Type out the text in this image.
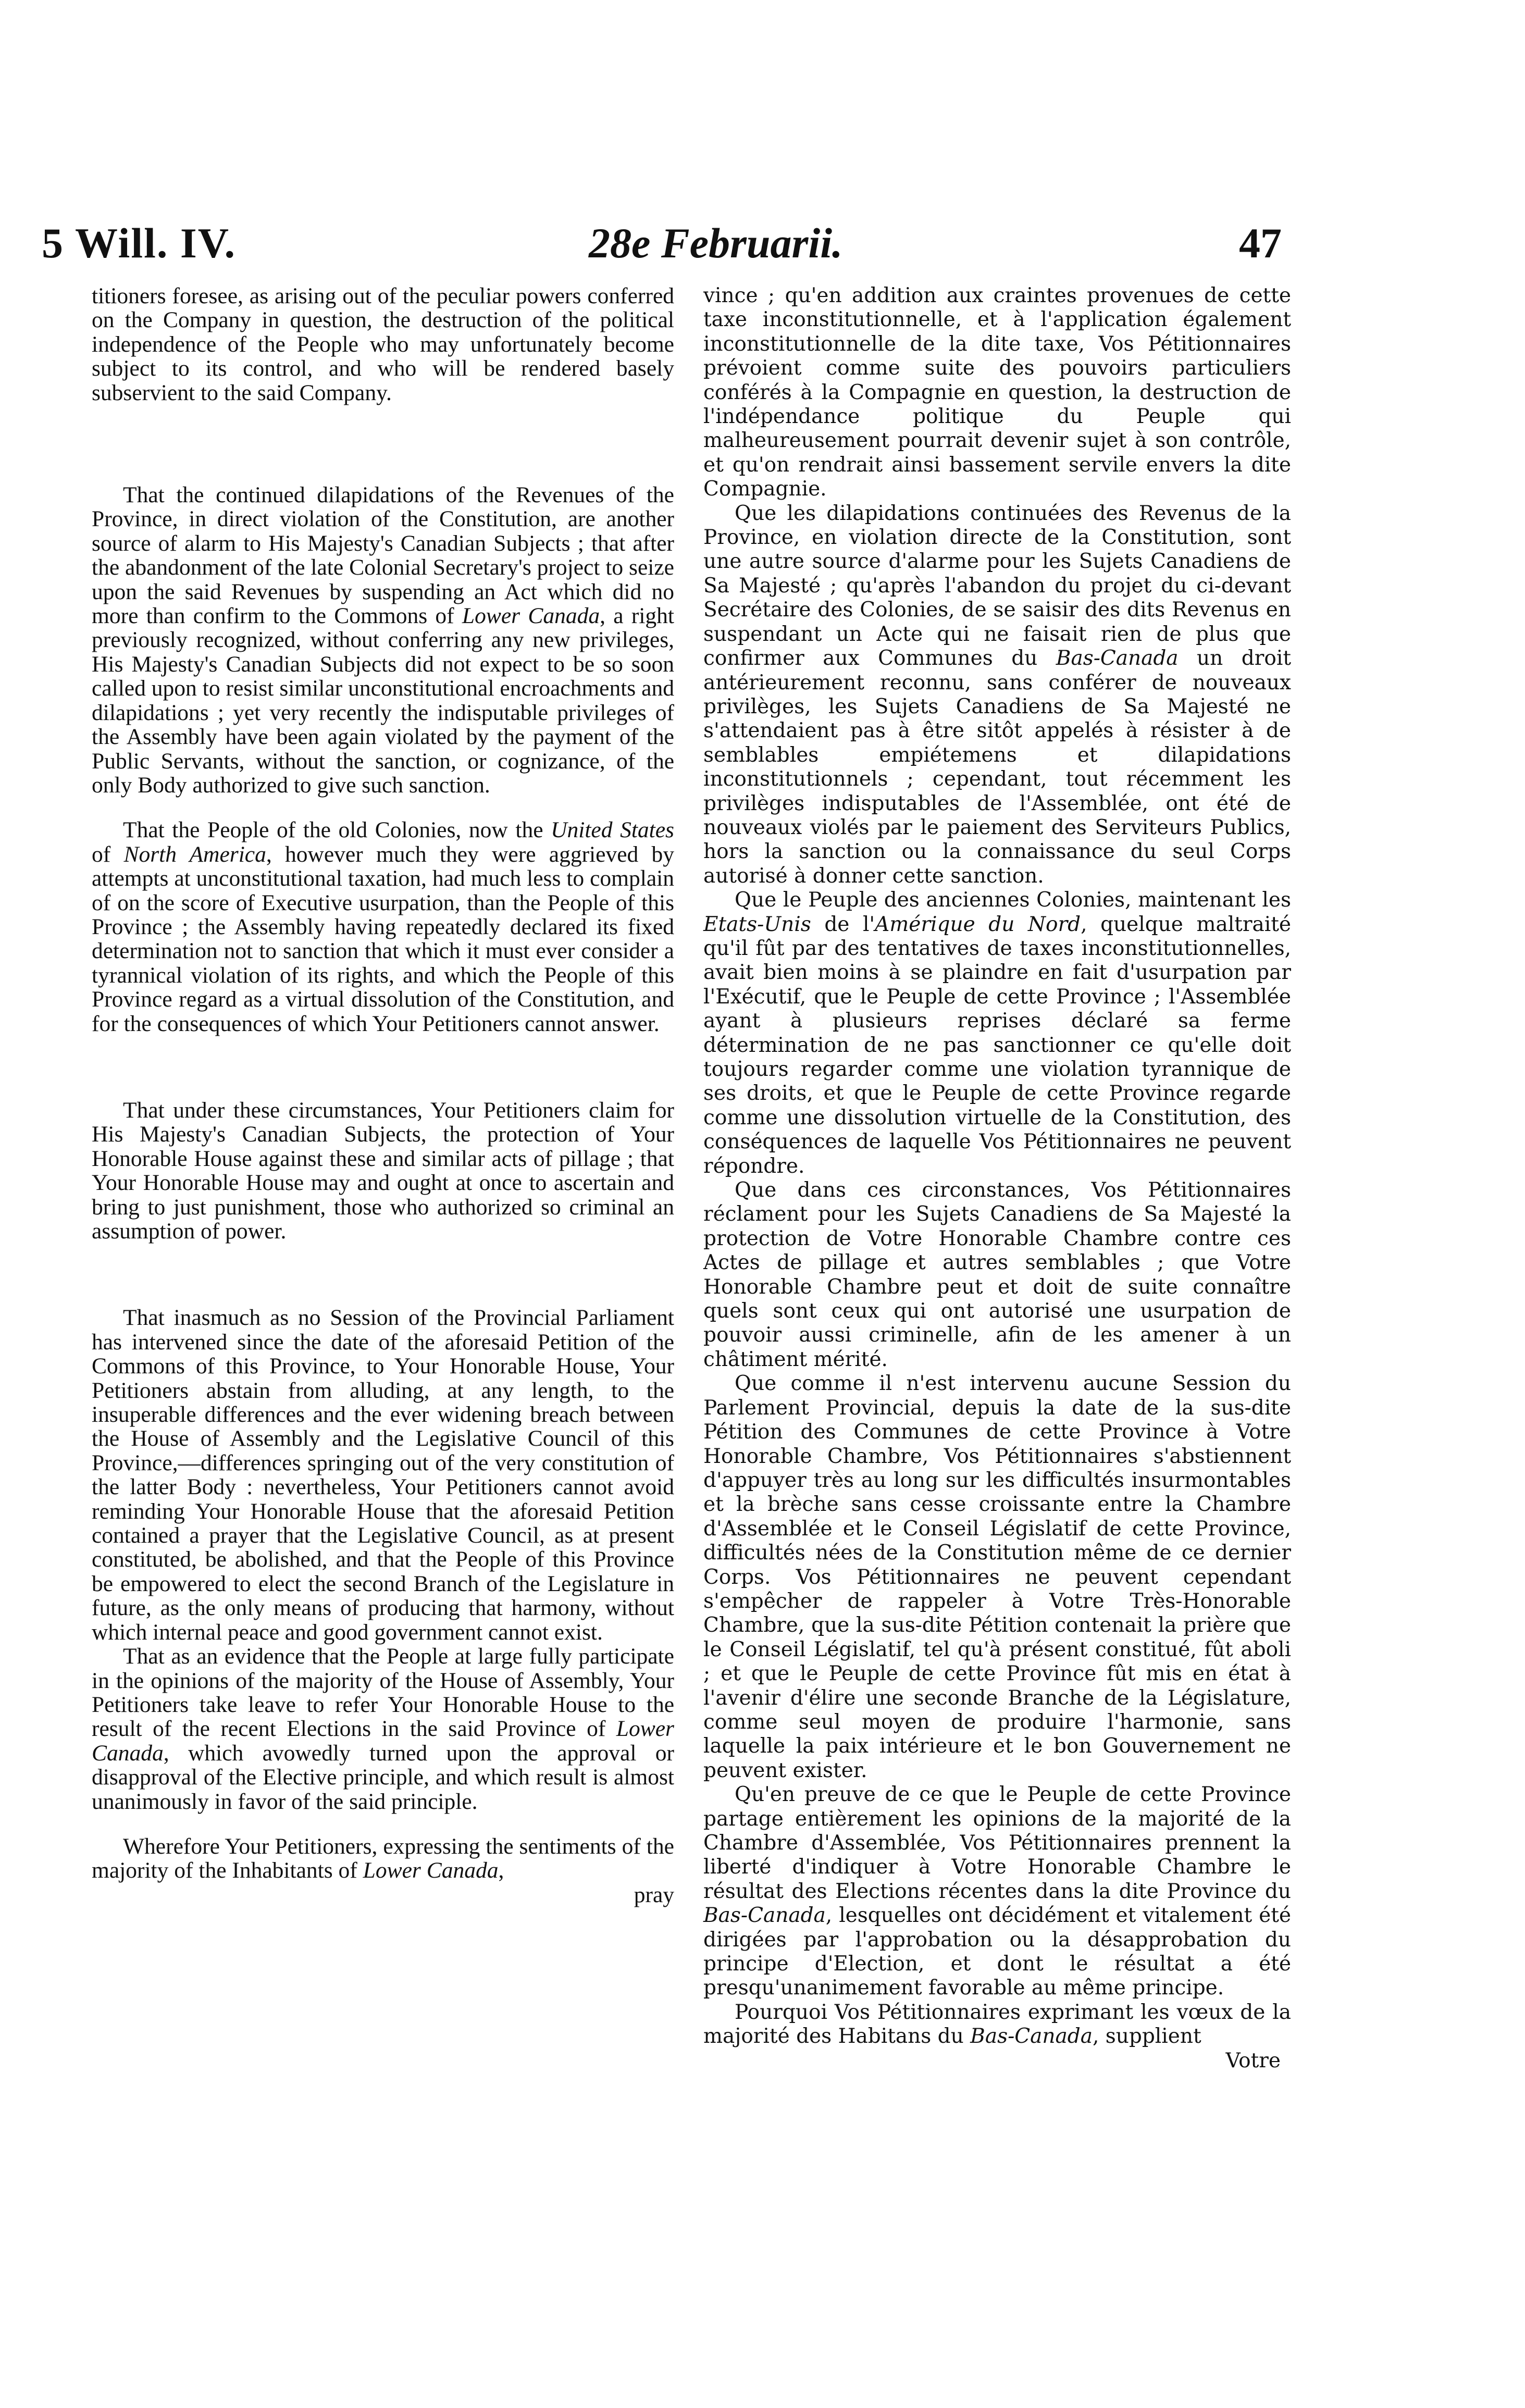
5 Will. IV.	28e Februarii.	47

titioners foresee, as arising out of the peculiar powers conferred on the Company in question, the destruction of the political independence of the People who may unfortunately become subject to its control, and who will be rendered basely subservient to the said Company.

That the continued dilapidations of the Revenues of the Province, in direct violation of the Constitution, are another source of alarm to His Majesty's Canadian Subjects ; that after the abandonment of the late Colonial Secretary's project to seize upon the said Revenues by suspending an Act which did no more than confirm to the Commons of Lower Canada, a right previously recognized, without conferring any new privileges, His Majesty's Canadian Subjects did not expect to be so soon called upon to resist similar unconstitutional encroachments and dilapidations ; yet very recently the indisputable privileges of the Assembly have been again violated by the payment of the Public Servants, without the sanction, or cognizance, of the only Body authorized to give such sanction.

That the People of the old Colonies, now the United States of North America, however much they were aggrieved by attempts at unconstitutional taxation, had much less to complain of on the score of Executive usurpation, than the People of this Province ; the Assembly having repeatedly declared its fixed determination not to sanction that which it must ever consider a tyrannical violation of its rights, and which the People of this Province regard as a virtual dissolution of the Constitution, and for the consequences of which Your Petitioners cannot answer.

That under these circumstances, Your Petitioners claim for His Majesty's Canadian Subjects, the protection of Your Honorable House against these and similar acts of pillage ; that Your Honorable House may and ought at once to ascertain and bring to just punishment, those who authorized so criminal an assumption of power.

That inasmuch as no Session of the Provincial Parliament has intervened since the date of the aforesaid Petition of the Commons of this Province, to Your Honorable House, Your Petitioners abstain from alluding, at any length, to the insuperable differences and the ever widening breach between the House of Assembly and the Legislative Council of this Province,—differences springing out of the very constitution of the latter Body : nevertheless, Your Petitioners cannot avoid reminding Your Honorable House that the aforesaid Petition contained a prayer that the Legislative Council, as at present constituted, be abolished, and that the People of this Province be empowered to elect the second Branch of the Legislature in future, as the only means of producing that harmony, without which internal peace and good government cannot exist.

That as an evidence that the People at large fully participate in the opinions of the majority of the House of Assembly, Your Petitioners take leave to refer Your Honorable House to the result of the recent Elections in the said Province of Lower Canada, which avowedly turned upon the approval or disapproval of the Elective principle, and which result is almost unanimously in favor of the said principle.

Wherefore Your Petitioners, expressing the sentiments of the majority of the Inhabitants of Lower Canada,

pray

vince ; qu'en addition aux craintes provenues de cette taxe inconstitutionnelle, et à l'application également inconstitutionnelle de la dite taxe, Vos Pétitionnaires prévoient comme suite des pouvoirs particuliers conférés à la Compagnie en question, la destruction de l'indépendance politique du Peuple qui malheureusement pourrait devenir sujet à son contrôle, et qu'on rendrait ainsi bassement servile envers la dite Compagnie.

Que les dilapidations continuées des Revenus de la Province, en violation directe de la Constitution, sont une autre source d'alarme pour les Sujets Canadiens de Sa Majesté ; qu'après l'abandon du projet du ci-devant Secrétaire des Colonies, de se saisir des dits Revenus en suspendant un Acte qui ne faisait rien de plus que confirmer aux Communes du Bas-Canada un droit antérieurement reconnu, sans conférer de nouveaux privilèges, les Sujets Canadiens de Sa Majesté ne s'attendaient pas à être sitôt appelés à résister à de semblables empiétemens et dilapidations inconstitutionnels ; cependant, tout récemment les privilèges indisputables de l'Assemblée, ont été de nouveaux violés par le paiement des Serviteurs Publics, hors la sanction ou la connaissance du seul Corps autorisé à donner cette sanction.

Que le Peuple des anciennes Colonies, maintenant les Etats-Unis de l'Amérique du Nord, quelque maltraité qu'il fût par des tentatives de taxes inconstitutionnelles, avait bien moins à se plaindre en fait d'usurpation par l'Exécutif, que le Peuple de cette Province ; l'Assemblée ayant à plusieurs reprises déclaré sa ferme détermination de ne pas sanctionner ce qu'elle doit toujours regarder comme une violation tyrannique de ses droits, et que le Peuple de cette Province regarde comme une dissolution virtuelle de la Constitution, des conséquences de laquelle Vos Pétitionnaires ne peuvent répondre.

Que dans ces circonstances, Vos Pétitionnaires réclament pour les Sujets Canadiens de Sa Majesté la protection de Votre Honorable Chambre contre ces Actes de pillage et autres semblables ; que Votre Honorable Chambre peut et doit de suite connaître quels sont ceux qui ont autorisé une usurpation de pouvoir aussi criminelle, afin de les amener à un châtiment mérité.

Que comme il n'est intervenu aucune Session du Parlement Provincial, depuis la date de la sus-dite Pétition des Communes de cette Province à Votre Honorable Chambre, Vos Pétitionnaires s'abstiennent d'appuyer très au long sur les difficultés insurmontables et la brèche sans cesse croissante entre la Chambre d'Assemblée et le Conseil Législatif de cette Province, difficultés nées de la Constitution même de ce dernier Corps. Vos Pétitionnaires ne peuvent cependant s'empêcher de rappeler à Votre Très-Honorable Chambre, que la sus-dite Pétition contenait la prière que le Conseil Législatif, tel qu'à présent constitué, fût aboli ; et que le Peuple de cette Province fût mis en état à l'avenir d'élire une seconde Branche de la Législature, comme seul moyen de produire l'harmonie, sans laquelle la paix intérieure et le bon Gouvernement ne peuvent exister.

Qu'en preuve de ce que le Peuple de cette Province partage entièrement les opinions de la majorité de la Chambre d'Assemblée, Vos Pétitionnaires prennent la liberté d'indiquer à Votre Honorable Chambre le résultat des Elections récentes dans la dite Province du Bas-Canada, lesquelles ont décidément et vitalement été dirigées par l'approbation ou la désapprobation du principe d'Election, et dont le résultat a été presqu'unanimement favorable au même principe.

Pourquoi Vos Pétitionnaires exprimant les vœux de la majorité des Habitans du Bas-Canada, supplient

Votre
